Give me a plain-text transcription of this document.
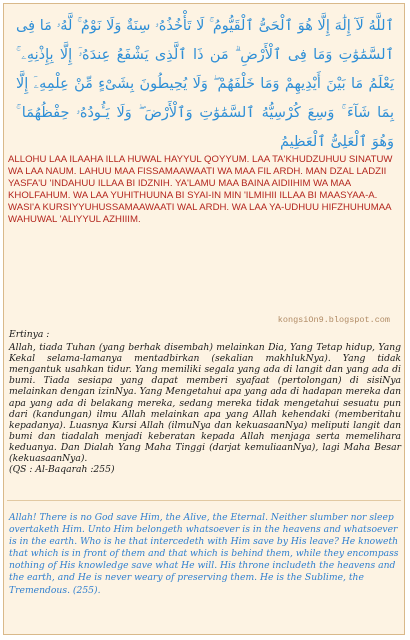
ٱللَّهُ لَآ إِلَٰهَ إِلَّا هُوَ ٱلْحَىُّ ٱلْقَيُّومُ ۚ لَا تَأْخُذُهُۥ سِنَةٌ وَلَا نَوْمٌ ۚ لَّهُۥ مَا فِى ٱلسَّمَٰوَٰتِ وَمَا فِى ٱلْأَرْضِ ۗ مَن ذَا ٱلَّذِى يَشْفَعُ عِندَهُۥٓ إِلَّا بِإِذْنِهِۦ ۚ يَعْلَمُ مَا بَيْنَ أَيْدِيهِمْ وَمَا خَلْفَهُمْ ۖ وَلَا يُحِيطُونَ بِشَىْءٍ مِّنْ عِلْمِهِۦٓ إِلَّا بِمَا شَآءَ ۚ وَسِعَ كُرْسِيُّهُ ٱلسَّمَٰوَٰتِ وَٱلْأَرْضَ ۖ وَلَا يَـُٔودُهُۥ حِفْظُهُمَا ۚ وَهُوَ ٱلْعَلِىُّ ٱلْعَظِيمُ
ALLOHU LAA ILAAHA ILLA HUWAL HAYYUL QOYYUM. LAA TA'KHUDZUHUU SINATUW WA LAA NAUM. LAHUU MAA FISSAMAAWAATI WA MAA FIL ARDH. MAN DZAL LADZII YASFA'U 'INDAHUU ILLAA BI IDZNIH. YA'LAMU MAA BAINA AIDIIHIM WA MAA KHOLFAHUM. WA LAA YUHITHUUNA BI SYAI-IN MIN 'ILMIHII ILLAA BI MAASYAA-A. WASI'A KURSIYYUHUSSAMAAWAATI WAL ARDH. WA LAA YA-UDHUU HIFZHUHUMAA WAHUWAL 'ALIYYUL AZHIIIM.
kongsiOn9.blogspot.com
Ertinya :
Allah, tiada Tuhan (yang berhak disembah) melainkan Dia, Yang Tetap hidup, Yang Kekal selama-lamanya mentadbirkan (sekalian makhlukNya). Yang tidak mengantuk usahkan tidur. Yang memiliki segala yang ada di langit dan yang ada di bumi. Tiada sesiapa yang dapat memberi syafaat (pertolongan) di sisiNya melainkan dengan izinNya. Yang Mengetahui apa yang ada di hadapan mereka dan apa yang ada di belakang mereka, sedang mereka tidak mengetahui sesuatu pun dari (kandungan) ilmu Allah melainkan apa yang Allah kehendaki (memberitahu kepadanya). Luasnya Kursi Allah (ilmuNya dan kekuasaanNya) meliputi langit dan bumi dan tiadalah menjadi keberatan kepada Allah menjaga serta memelihara keduanya. Dan Dialah Yang Maha Tinggi (darjat kemuliaanNya), lagi Maha Besar (kekuasaanNya).
(QS : Al-Baqarah :255)
Allah! There is no God save Him, the Alive, the Eternal. Neither slumber nor sleep overtaketh Him. Unto Him belongeth whatsoever is in the heavens and whatsoever is in the earth. Who is he that intercedeth with Him save by His leave? He knoweth that which is in front of them and that which is behind them, while they encompass nothing of His knowledge save what He will. His throne includeth the heavens and the earth, and He is never weary of preserving them. He is the Sublime, the Tremendous. (255).
